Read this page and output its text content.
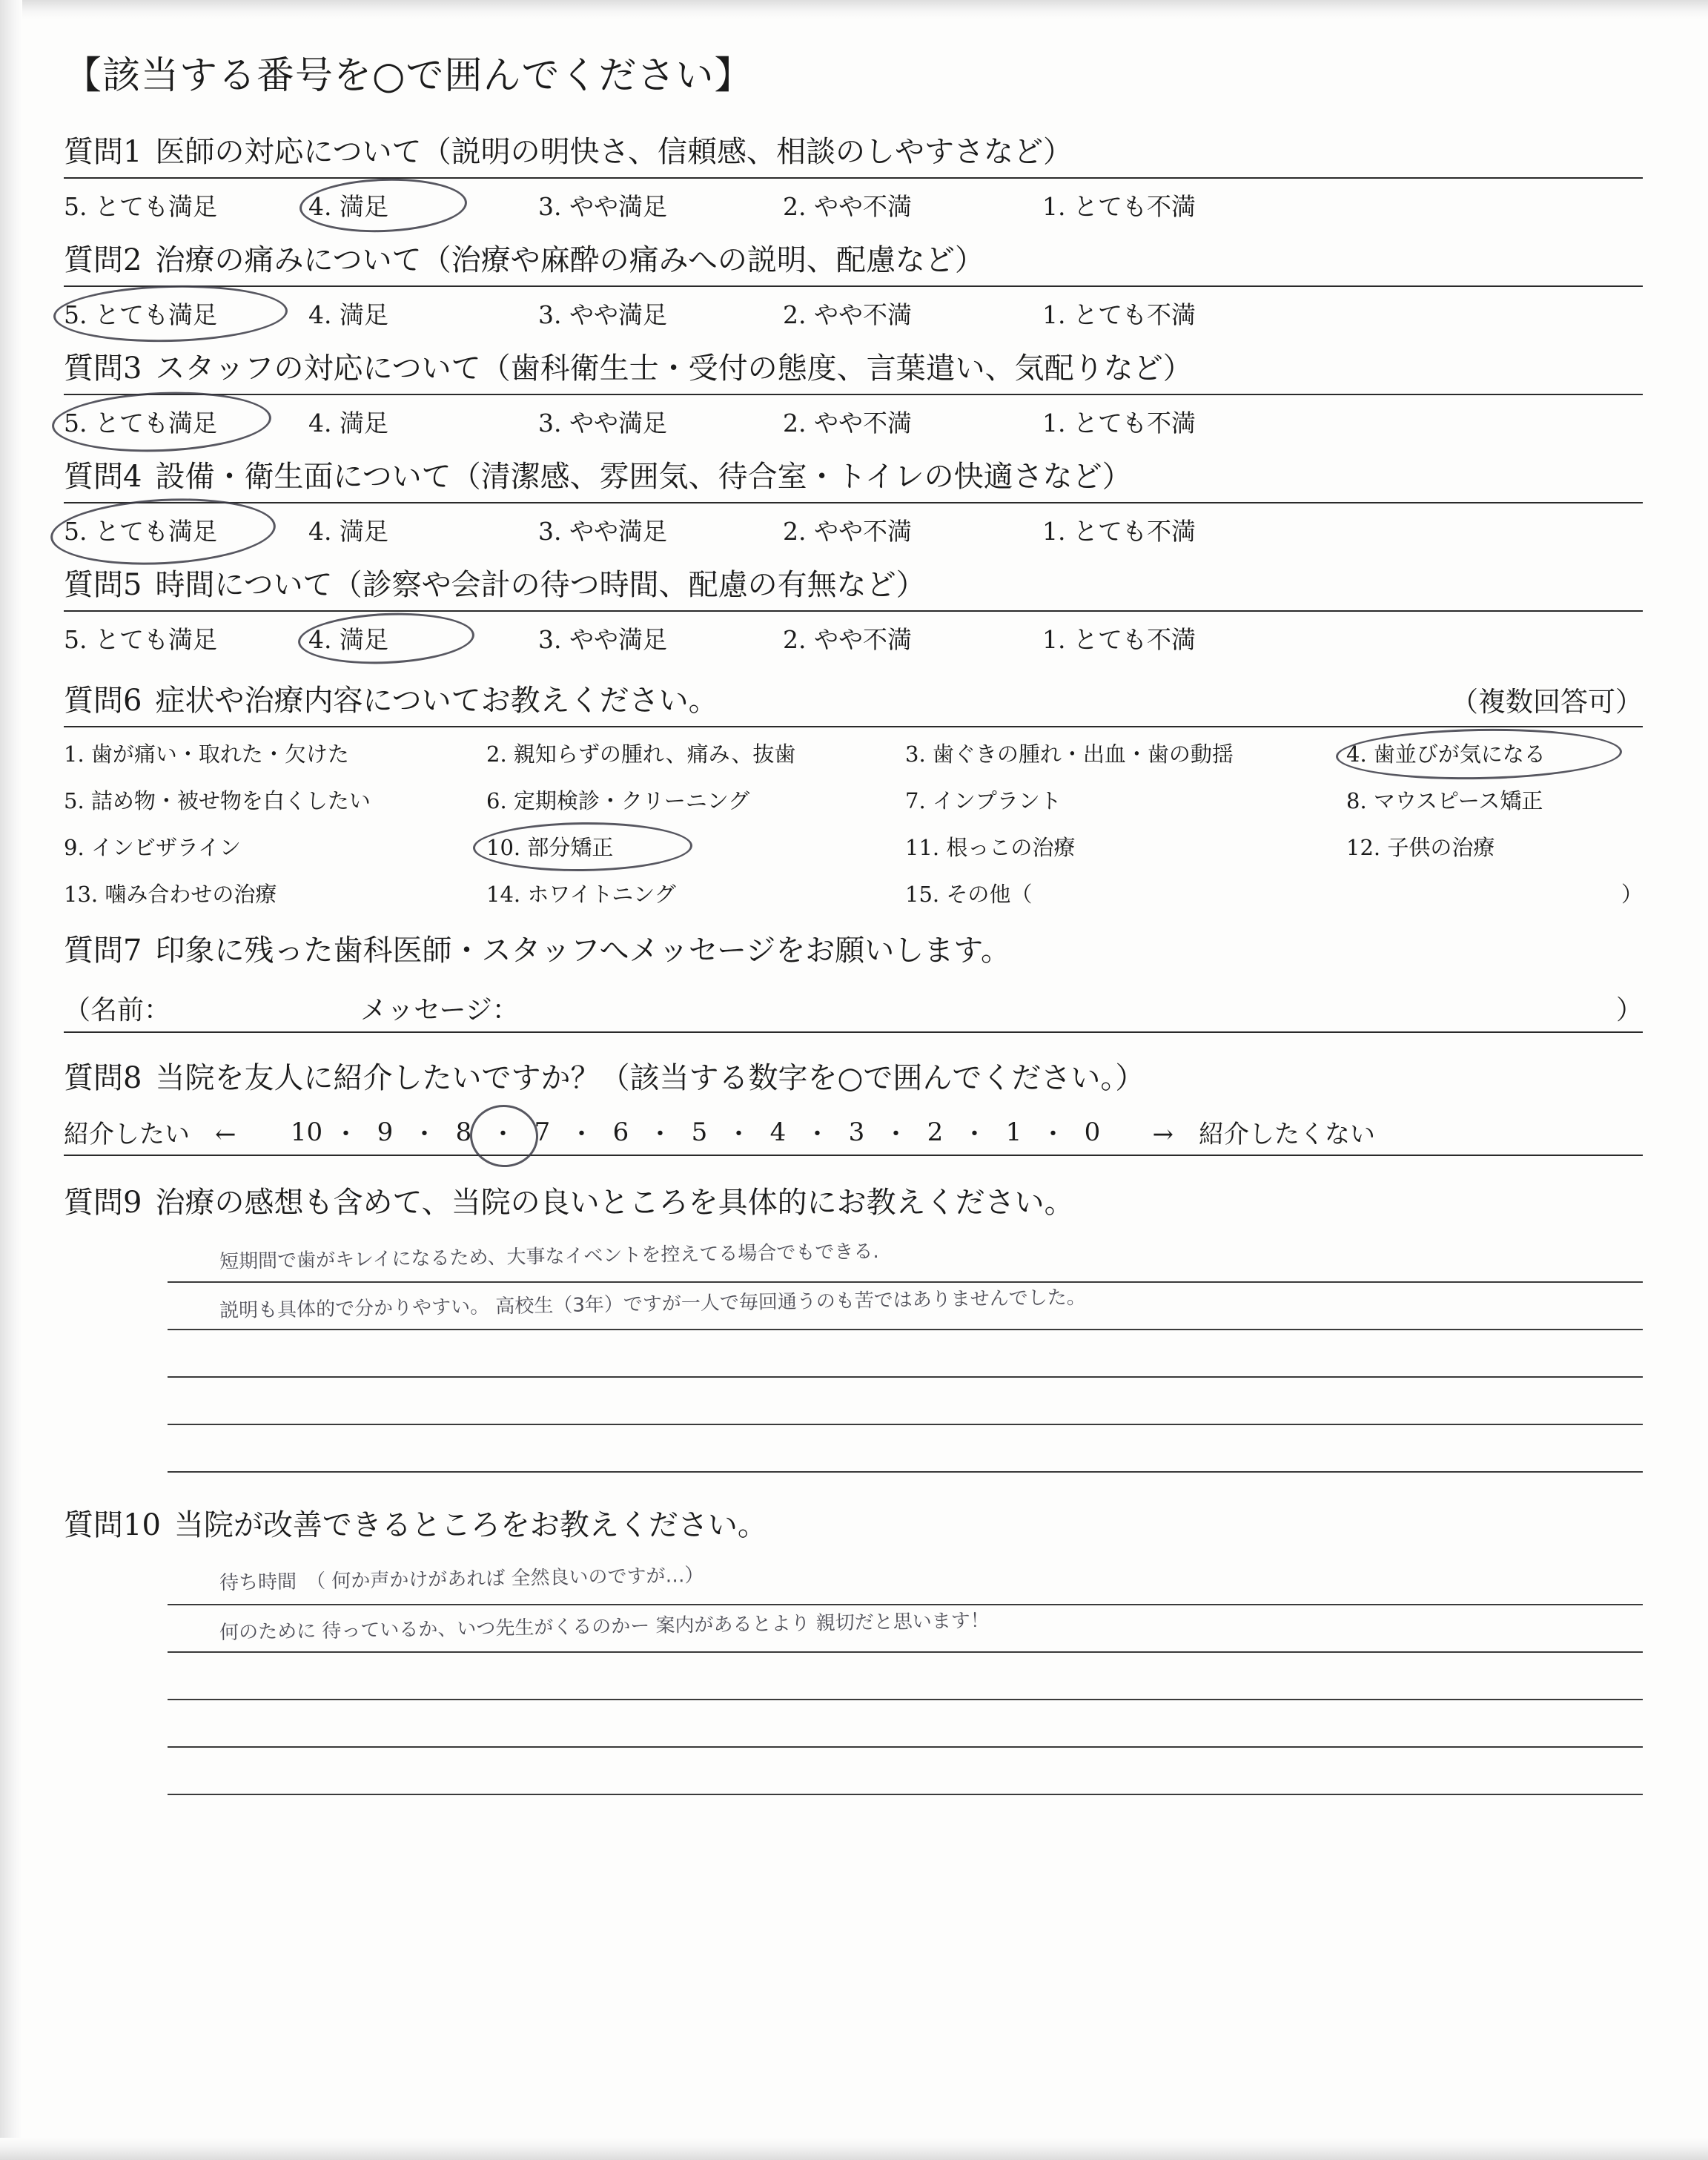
【該当する番号を○で囲んでください】
質問1 医師の対応について（説明の明快さ、信頼感、相談のしやすさなど）
5. とても満足	4. 満足	3. やや満足	2. やや不満	1. とても不満
質問2 治療の痛みについて（治療や麻酔の痛みへの説明、配慮など）
5. とても満足	4. 満足	3. やや満足	2. やや不満	1. とても不満
質問3 スタッフの対応について（歯科衛生士・受付の態度、言葉遣い、気配りなど）
5. とても満足	4. 満足	3. やや満足	2. やや不満	1. とても不満
質問4 設備・衛生面について（清潔感、雰囲気、待合室・トイレの快適さなど）
5. とても満足	4. 満足	3. やや満足	2. やや不満	1. とても不満
質問5 時間について（診察や会計の待つ時間、配慮の有無など）
5. とても満足	4. 満足	3. やや満足	2. やや不満	1. とても不満
質問6 症状や治療内容についてお教えください。	（複数回答可）
1. 歯が痛い・取れた・欠けた	2. 親知らずの腫れ、痛み、抜歯	3. 歯ぐきの腫れ・出血・歯の動揺	4. 歯並びが気になる
5. 詰め物・被せ物を白くしたい	6. 定期検診・クリーニング	7. インプラント	8. マウスピース矯正
9. インビザライン	10. 部分矯正	11. 根っこの治療	12. 子供の治療
13. 噛み合わせの治療	14. ホワイトニング	15. その他（	）
質問7 印象に残った歯科医師・スタッフへメッセージをお願いします。
（名前：	メッセージ：	）
質問8 当院を友人に紹介したいですか？（該当する数字を○で囲んでください。）
紹介したい　←	10 ・ 9 ・ 8 ・ 7 ・ 6 ・ 5 ・ 4 ・ 3 ・ 2 ・ 1 ・ 0	→　紹介したくない
質問9 治療の感想も含めて、当院の良いところを具体的にお教えください。
短期間で歯がキレイになるため、大事なイベントを控えてる場合でもできる.
説明も具体的で分かりやすい。 高校生（3年）ですが一人で毎回通うのも苦ではありませんでした。
質問10 当院が改善できるところをお教えください。
待ち時間　（ 何か声かけがあれば 全然良いのですが…）
何のために 待っているか、いつ先生がくるのかー 案内があるとより 親切だと思います！
